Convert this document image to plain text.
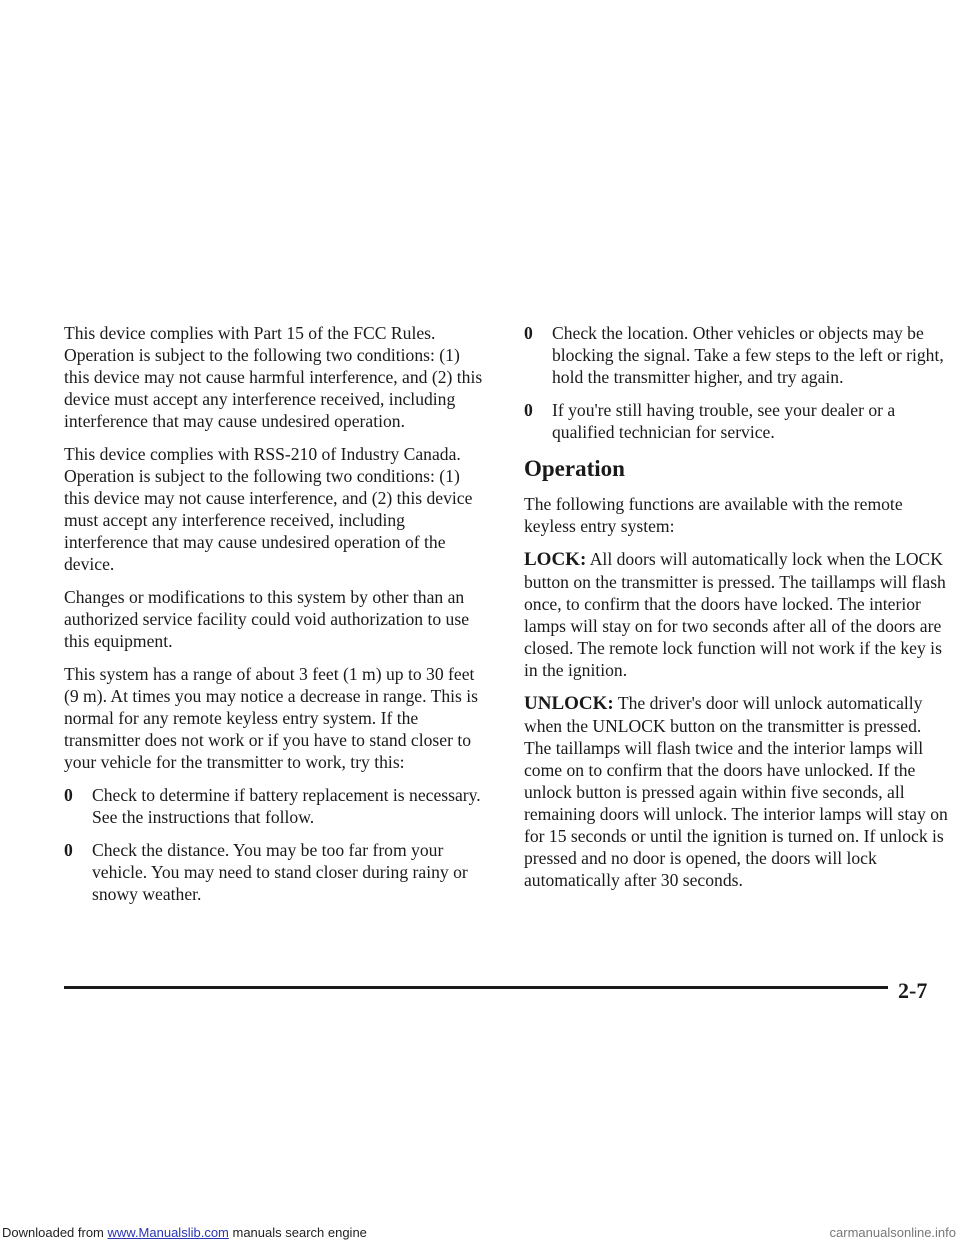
This device complies with Part 15 of the FCC Rules. Operation is subject to the following two conditions: (1) this device may not cause harmful interference, and (2) this device must accept any interference received, including interference that may cause undesired operation.

This device complies with RSS-210 of Industry Canada. Operation is subject to the following two conditions: (1) this device may not cause interference, and (2) this device must accept any interference received, including interference that may cause undesired operation of the device.

Changes or modifications to this system by other than an authorized service facility could void authorization to use this equipment.

This system has a range of about 3 feet (1 m) up to 30 feet (9 m). At times you may notice a decrease in range. This is normal for any remote keyless entry system. If the transmitter does not work or if you have to stand closer to your vehicle for the transmitter to work, try this:

0 Check to determine if battery replacement is necessary. See the instructions that follow.
0 Check the distance. You may be too far from your vehicle. You may need to stand closer during rainy or snowy weather.
0 Check the location. Other vehicles or objects may be blocking the signal. Take a few steps to the left or right, hold the transmitter higher, and try again.
0 If you're still having trouble, see your dealer or a qualified technician for service.
Operation

The following functions are available with the remote keyless entry system:

LOCK: All doors will automatically lock when the LOCK button on the transmitter is pressed. The taillamps will flash once, to confirm that the doors have locked. The interior lamps will stay on for two seconds after all of the doors are closed. The remote lock function will not work if the key is in the ignition.

UNLOCK: The driver's door will unlock automatically when the UNLOCK button on the transmitter is pressed. The taillamps will flash twice and the interior lamps will come on to confirm that the doors have unlocked. If the unlock button is pressed again within five seconds, all remaining doors will unlock. The interior lamps will stay on for 15 seconds or until the ignition is turned on. If unlock is pressed and no door is opened, the doors will lock automatically after 30 seconds.

2-7
Downloaded from www.Manualslib.com manuals search engine	carmanualsonline.info
